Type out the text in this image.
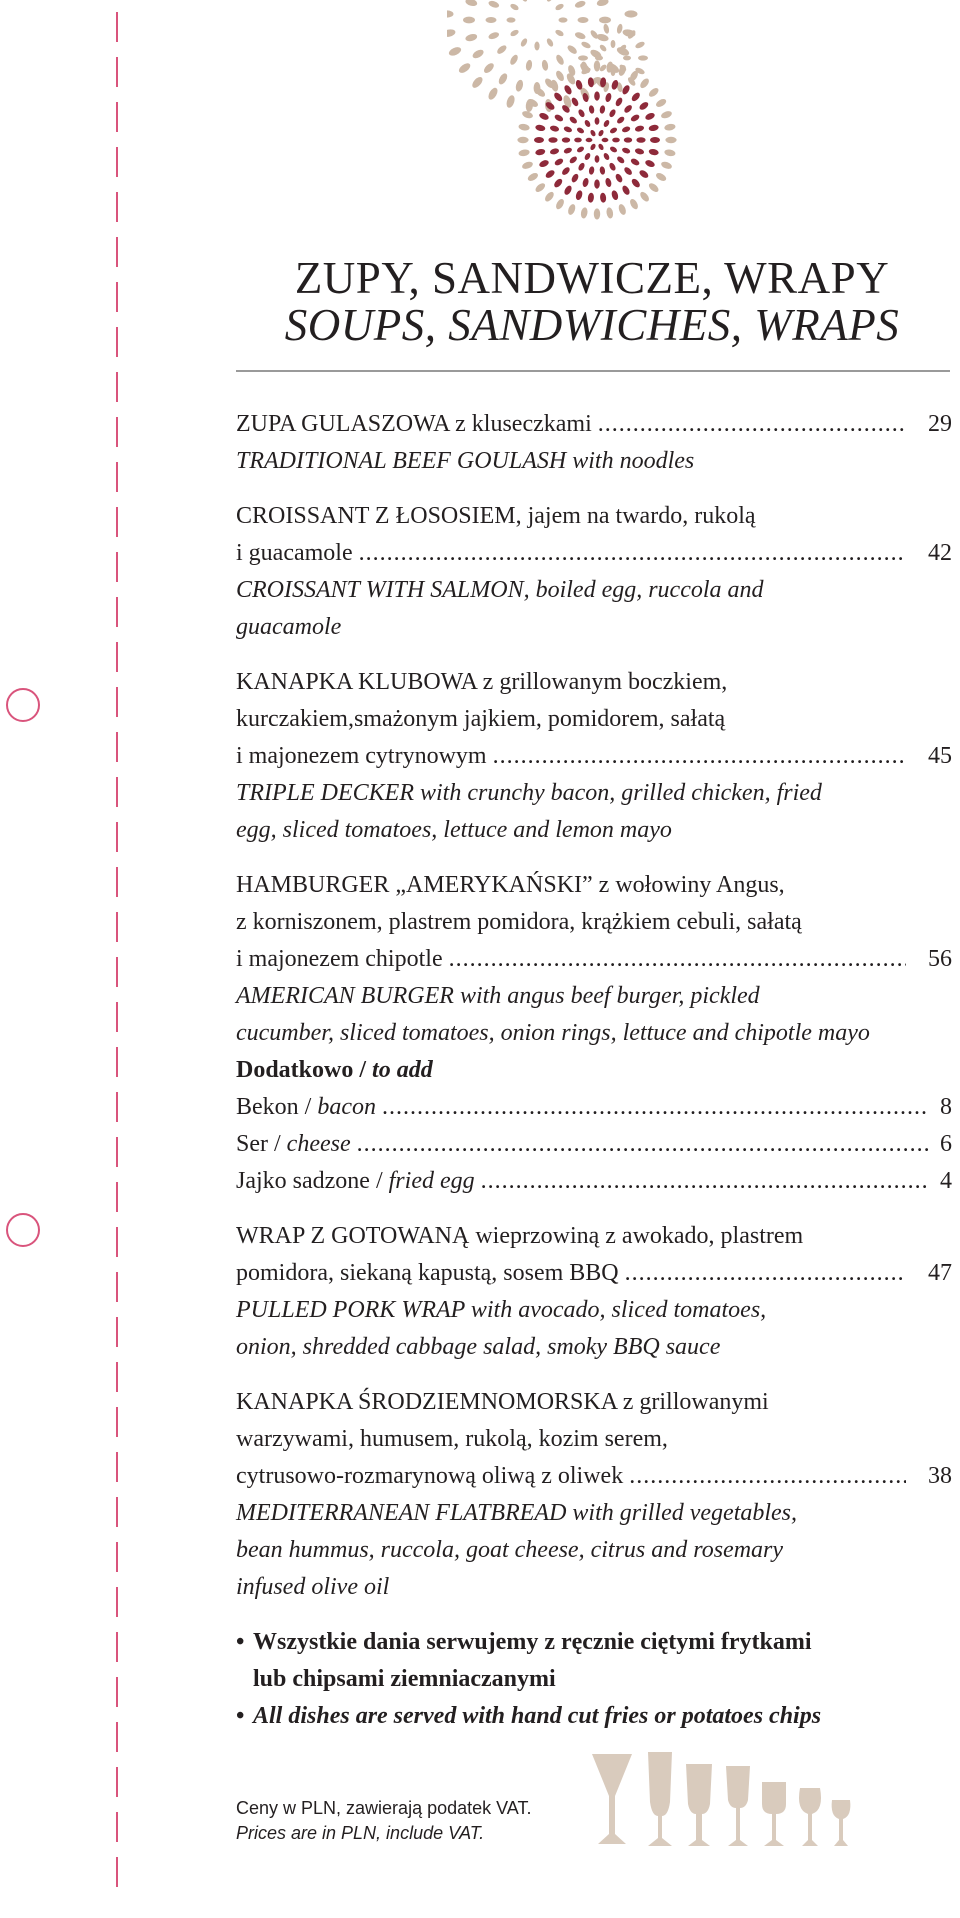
ZUPY, SANDWICZE, WRAPY
SOUPS, SANDWICHES, WRAPS
ZUPA GULASZOWA z kluseczkami .....	29
TRADITIONAL BEEF GOULASH with noodles
CROISSANT Z ŁOSOSIEM, jajem na twardo, rukolą
i guacamole .....	42
CROISSANT WITH SALMON, boiled egg, ruccola and
guacamole
KANAPKA KLUBOWA z grillowanym boczkiem,
kurczakiem,smażonym jajkiem, pomidorem, sałatą
i majonezem cytrynowym .....	45
TRIPLE DECKER with crunchy bacon, grilled chicken, fried
egg, sliced tomatoes, lettuce and lemon mayo
HAMBURGER „AMERYKAŃSKI” z wołowiny Angus,
z korniszonem, plastrem pomidora, krążkiem cebuli, sałatą
i majonezem chipotle .....	56
AMERICAN BURGER with angus beef burger, pickled
cucumber, sliced tomatoes, onion rings, lettuce and chipotle mayo
Dodatkowo / to add
Bekon / bacon .....	8
Ser / cheese .....	6
Jajko sadzone / fried egg .....	4
WRAP Z GOTOWANĄ wieprzowiną z awokado, plastrem
pomidora, siekaną kapustą, sosem BBQ .....	47
PULLED PORK WRAP with avocado, sliced tomatoes,
onion, shredded cabbage salad, smoky BBQ sauce
KANAPKA ŚRODZIEMNOMORSKA z grillowanymi
warzywami, humusem, rukolą, kozim serem,
cytrusowo-rozmarynową oliwą z oliwek .....	38
MEDITERRANEAN FLATBREAD with grilled vegetables,
bean hummus, ruccola, goat cheese, citrus and rosemary
infused olive oil
• Wszystkie dania serwujemy z ręcznie ciętymi frytkami
lub chipsami ziemniaczanymi
• All dishes are served with hand cut fries or potatoes chips
Ceny w PLN, zawierają podatek VAT.
Prices are in PLN, include VAT.
